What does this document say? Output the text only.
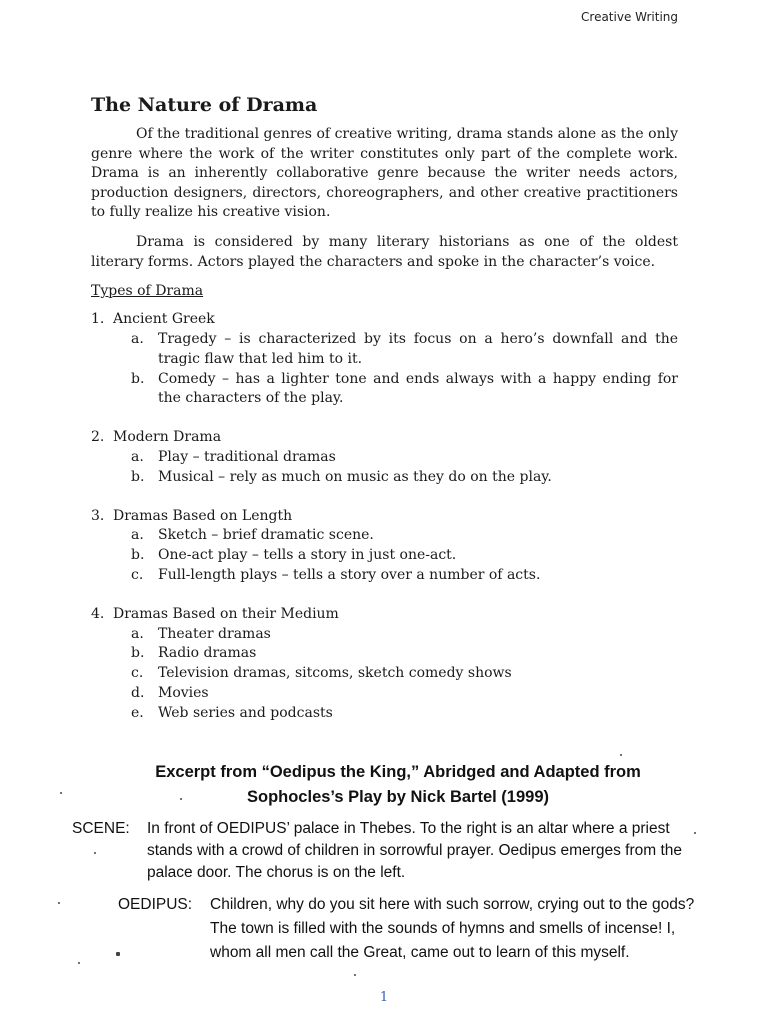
Creative Writing
The Nature of Drama

Of the traditional genres of creative writing, drama stands alone as the only genre where the work of the writer constitutes only part of the complete work. Drama is an inherently collaborative genre because the writer needs actors, production designers, directors, choreographers, and other creative practitioners to fully realize his creative vision.

Drama is considered by many literary historians as one of the oldest literary forms. Actors played the characters and spoke in the character’s voice.

Types of Drama
1. Ancient Greek
a.	Tragedy – is characterized by its focus on a hero’s downfall and the tragic flaw that led him to it.
b. Comedy – has a lighter tone and ends always with a happy ending for the characters of the play.
2. Modern Drama
a.	Play – traditional dramas
b. Musical – rely as much on music as they do on the play.
3. Dramas Based on Length
a.	Sketch – brief dramatic scene.
b. One-act play – tells a story in just one-act.
c.	Full-length plays – tells a story over a number of acts.
4. Dramas Based on their Medium
a.	Theater dramas
b. Radio dramas
c.	Television dramas, sitcoms, sketch comedy shows
d. Movies
e.	Web series and podcasts
Excerpt from “Oedipus the King,” Abridged and Adapted from
Sophocles’s Play by Nick Bartel (1999)
SCENE:	In front of OEDIPUS’ palace in Thebes. To the right is an altar where a priest stands with a crowd of children in sorrowful prayer. Oedipus emerges from the palace door. The chorus is on the left.
OEDIPUS:	Children, why do you sit here with such sorrow, crying out to the gods? The town is filled with the sounds of hymns and smells of incense! I, whom all men call the Great, came out to learn of this myself.
1
